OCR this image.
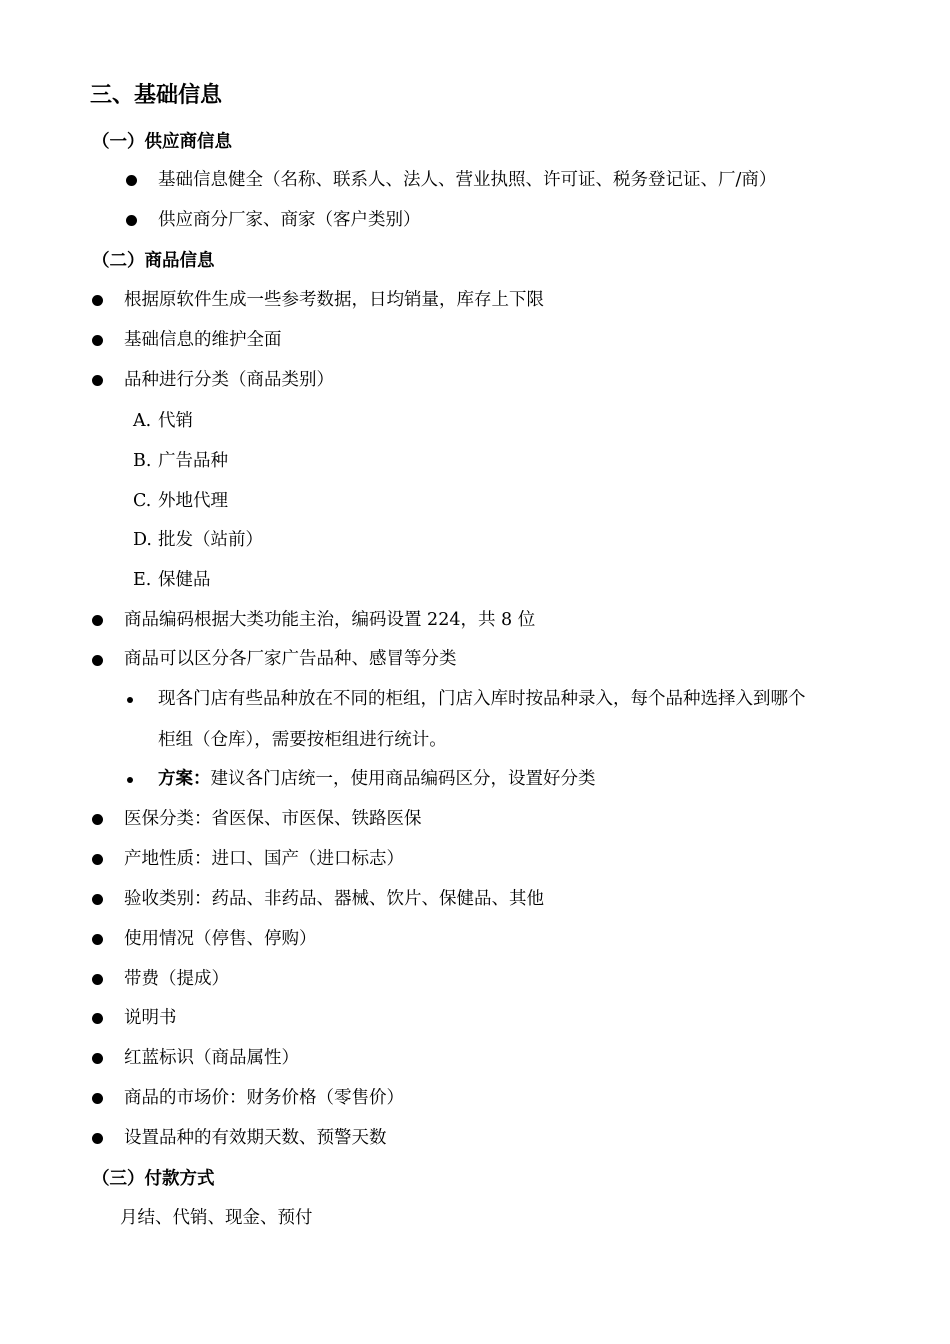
三、基础信息
（一）供应商信息
基础信息健全（名称、联系人、法人、营业执照、许可证、税务登记证、厂/商）
供应商分厂家、商家（客户类别）
（二）商品信息
根据原软件生成一些参考数据，日均销量，库存上下限
基础信息的维护全面
品种进行分类（商品类别）
A. 代销
B. 广告品种
C. 外地代理
D. 批发（站前）
E. 保健品
商品编码根据大类功能主治，编码设置 224，共 8 位
商品可以区分各厂家广告品种、感冒等分类
现各门店有些品种放在不同的柜组，门店入库时按品种录入，每个品种选择入到哪个
柜组（仓库），需要按柜组进行统计。
方案：建议各门店统一，使用商品编码区分，设置好分类
医保分类：省医保、市医保、铁路医保
产地性质：进口、国产（进口标志）
验收类别：药品、非药品、器械、饮片、保健品、其他
使用情况（停售、停购）
带费（提成）
说明书
红蓝标识（商品属性）
商品的市场价：财务价格（零售价）
设置品种的有效期天数、预警天数
（三）付款方式
月结、代销、现金、预付
